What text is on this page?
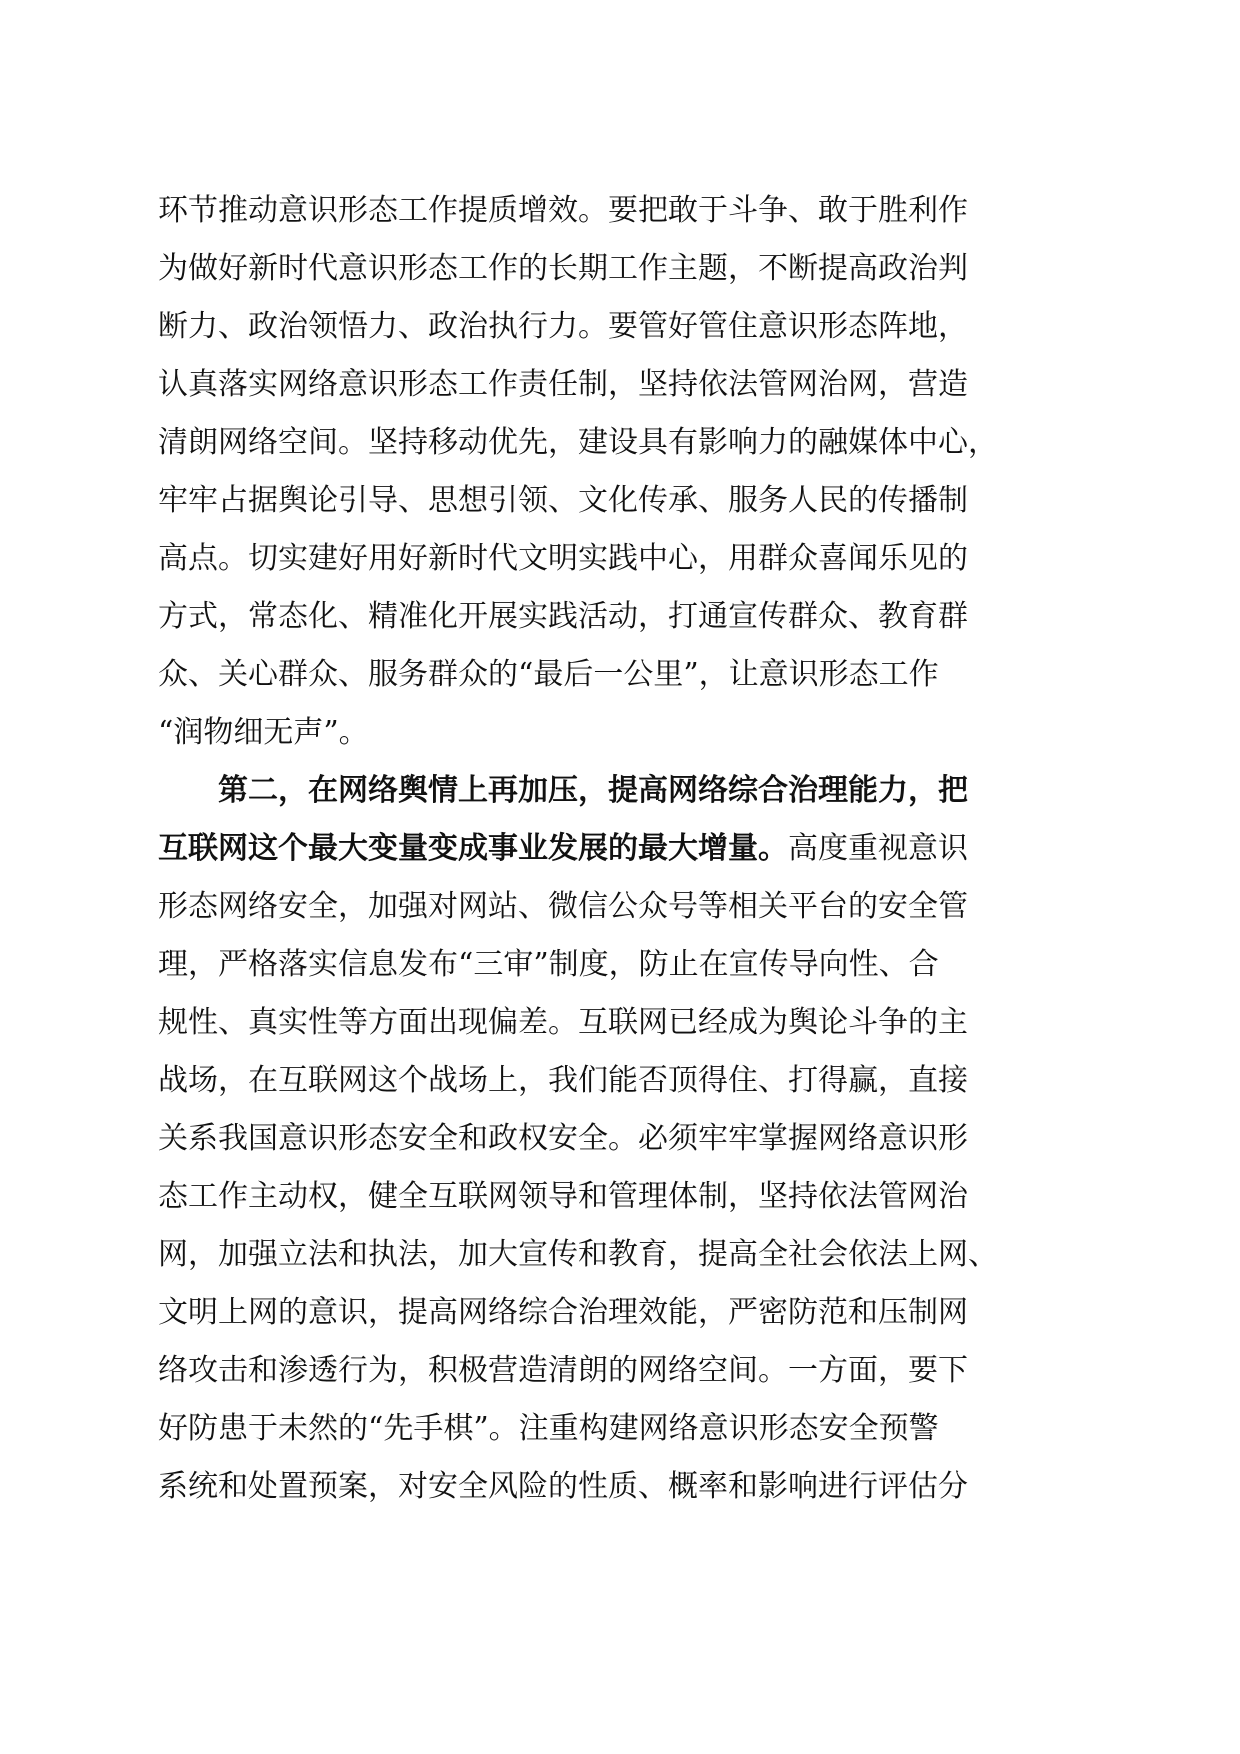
环节推动意识形态工作提质增效。要把敢于斗争、敢于胜利作
为做好新时代意识形态工作的长期工作主题，不断提高政治判
断力、政治领悟力、政治执行力。要管好管住意识形态阵地，
认真落实网络意识形态工作责任制，坚持依法管网治网，营造
清朗网络空间。坚持移动优先，建设具有影响力的融媒体中心，
牢牢占据舆论引导、思想引领、文化传承、服务人民的传播制
高点。切实建好用好新时代文明实践中心，用群众喜闻乐见的
方式，常态化、精准化开展实践活动，打通宣传群众、教育群
众、关心群众、服务群众的“最后一公里”，让意识形态工作
“润物细无声”。
第二，在网络舆情上再加压，提高网络综合治理能力，把
互联网这个最大变量变成事业发展的最大增量。 高度重视意识
形态网络安全，加强对网站、微信公众号等相关平台的安全管
理，严格落实信息发布“三审”制度，防止在宣传导向性、合
规性、真实性等方面出现偏差。互联网已经成为舆论斗争的主
战场，在互联网这个战场上，我们能否顶得住、打得赢，直接
关系我国意识形态安全和政权安全。必须牢牢掌握网络意识形
态工作主动权，健全互联网领导和管理体制，坚持依法管网治
网，加强立法和执法，加大宣传和教育，提高全社会依法上网、
文明上网的意识，提高网络综合治理效能，严密防范和压制网
络攻击和渗透行为，积极营造清朗的网络空间。一方面，要下
好防患于未然的“先手棋”。注重构建网络意识形态安全预警
系统和处置预案，对安全风险的性质、概率和影响进行评估分
